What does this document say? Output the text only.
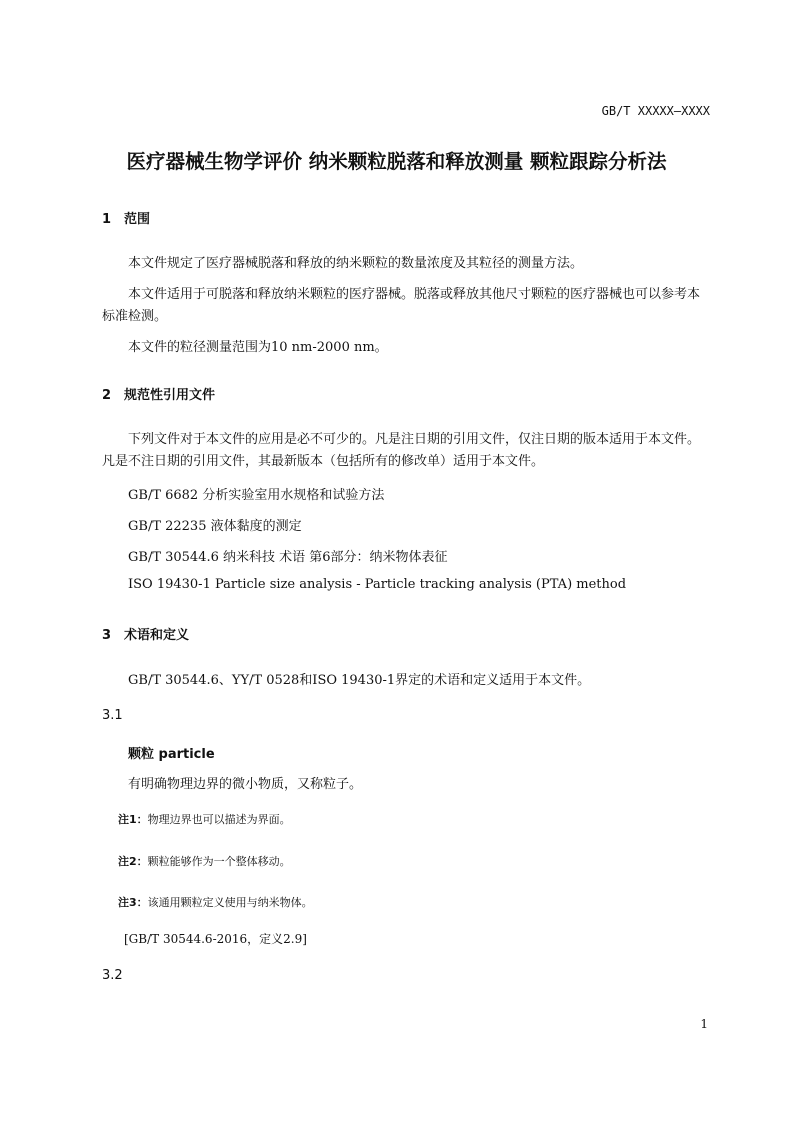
GB/T XXXXX—XXXX
医疗器械生物学评价 纳米颗粒脱落和释放测量 颗粒跟踪分析法
1 范围
本文件规定了医疗器械脱落和释放的纳米颗粒的数量浓度及其粒径的测量方法。
本文件适用于可脱落和释放纳米颗粒的医疗器械。脱落或释放其他尺寸颗粒的医疗器械也可以参考本标准检测。
本文件的粒径测量范围为10 nm-2000 nm。
2 规范性引用文件
下列文件对于本文件的应用是必不可少的。凡是注日期的引用文件，仅注日期的版本适用于本文件。凡是不注日期的引用文件，其最新版本（包括所有的修改单）适用于本文件。
GB/T 6682 分析实验室用水规格和试验方法
GB/T 22235 液体黏度的测定
GB/T 30544.6 纳米科技 术语 第6部分：纳米物体表征
ISO 19430-1 Particle size analysis - Particle tracking analysis (PTA) method
3 术语和定义
GB/T 30544.6、YY/T 0528和ISO 19430-1界定的术语和定义适用于本文件。
3.1
颗粒 particle
有明确物理边界的微小物质，又称粒子。
注1：物理边界也可以描述为界面。
注2：颗粒能够作为一个整体移动。
注3：该通用颗粒定义使用与纳米物体。
[GB/T 30544.6-2016，定义2.9]
3.2
1
